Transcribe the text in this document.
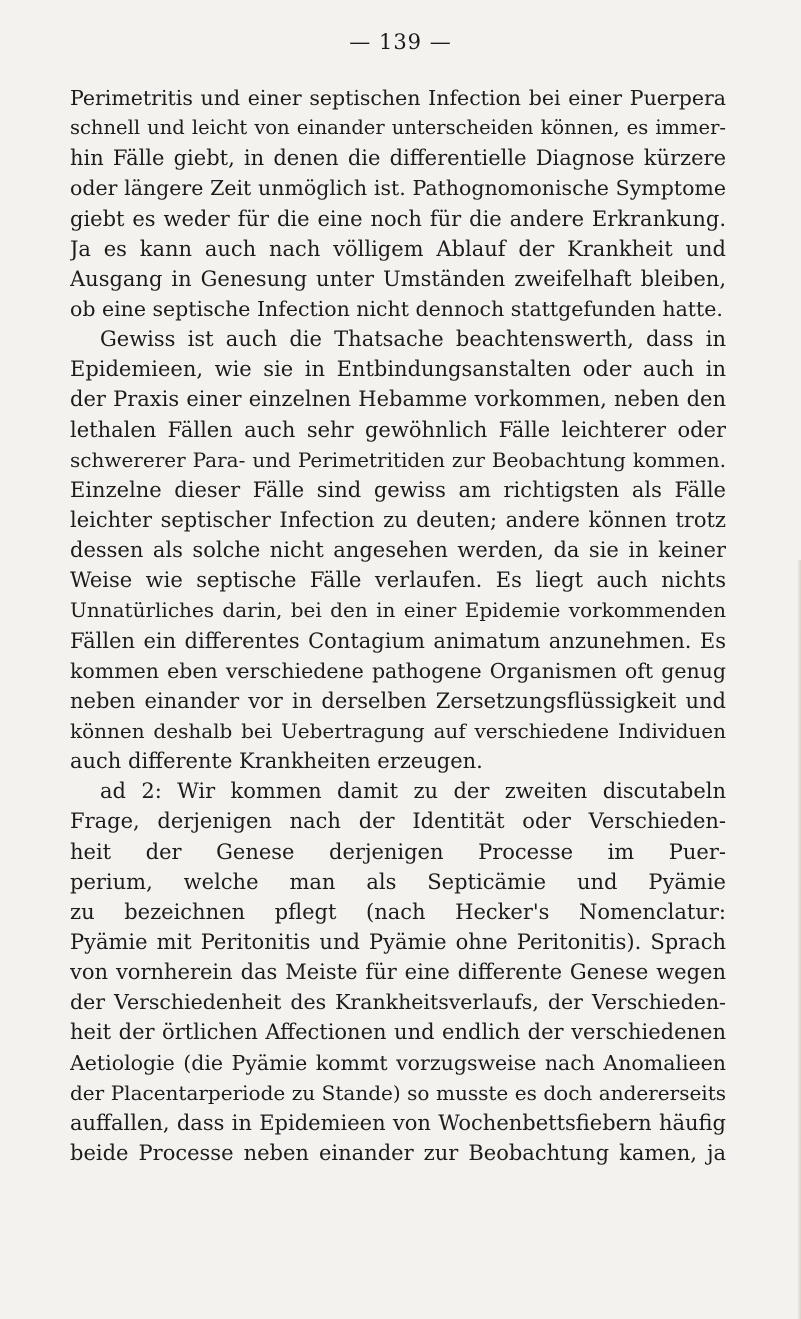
— 139 —
Perimetritis und einer septischen Infection bei einer Puerpera
schnell und leicht von einander unterscheiden können, es immer-
hin Fälle giebt, in denen die differentielle Diagnose kürzere
oder längere Zeit unmöglich ist. Pathognomonische Symptome
giebt es weder für die eine noch für die andere Erkrankung.
Ja es kann auch nach völligem Ablauf der Krankheit und
Ausgang in Genesung unter Umständen zweifelhaft bleiben,
ob eine septische Infection nicht dennoch stattgefunden hatte.
Gewiss ist auch die Thatsache beachtenswerth, dass in
Epidemieen, wie sie in Entbindungsanstalten oder auch in
der Praxis einer einzelnen Hebamme vorkommen, neben den
lethalen Fällen auch sehr gewöhnlich Fälle leichterer oder
schwererer Para- und Perimetritiden zur Beobachtung kommen.
Einzelne dieser Fälle sind gewiss am richtigsten als Fälle
leichter septischer Infection zu deuten; andere können trotz
dessen als solche nicht angesehen werden, da sie in keiner
Weise wie septische Fälle verlaufen. Es liegt auch nichts
Unnatürliches darin, bei den in einer Epidemie vorkommenden
Fällen ein differentes Contagium animatum anzunehmen. Es
kommen eben verschiedene pathogene Organismen oft genug
neben einander vor in derselben Zersetzungsflüssigkeit und
können deshalb bei Uebertragung auf verschiedene Individuen
auch differente Krankheiten erzeugen.
ad 2: Wir kommen damit zu der zweiten discutabeln
Frage, derjenigen nach der Identität oder Verschieden-
heit der Genese derjenigen Processe im Puer-
perium, welche man als Septicämie und Pyämie
zu bezeichnen pflegt (nach Hecker's Nomenclatur:
Pyämie mit Peritonitis und Pyämie ohne Peritonitis). Sprach
von vornherein das Meiste für eine differente Genese wegen
der Verschiedenheit des Krankheitsverlaufs, der Verschieden-
heit der örtlichen Affectionen und endlich der verschiedenen
Aetiologie (die Pyämie kommt vorzugsweise nach Anomalieen
der Placentarperiode zu Stande) so musste es doch andererseits
auffallen, dass in Epidemieen von Wochenbettsfiebern häufig
beide Processe neben einander zur Beobachtung kamen, ja
